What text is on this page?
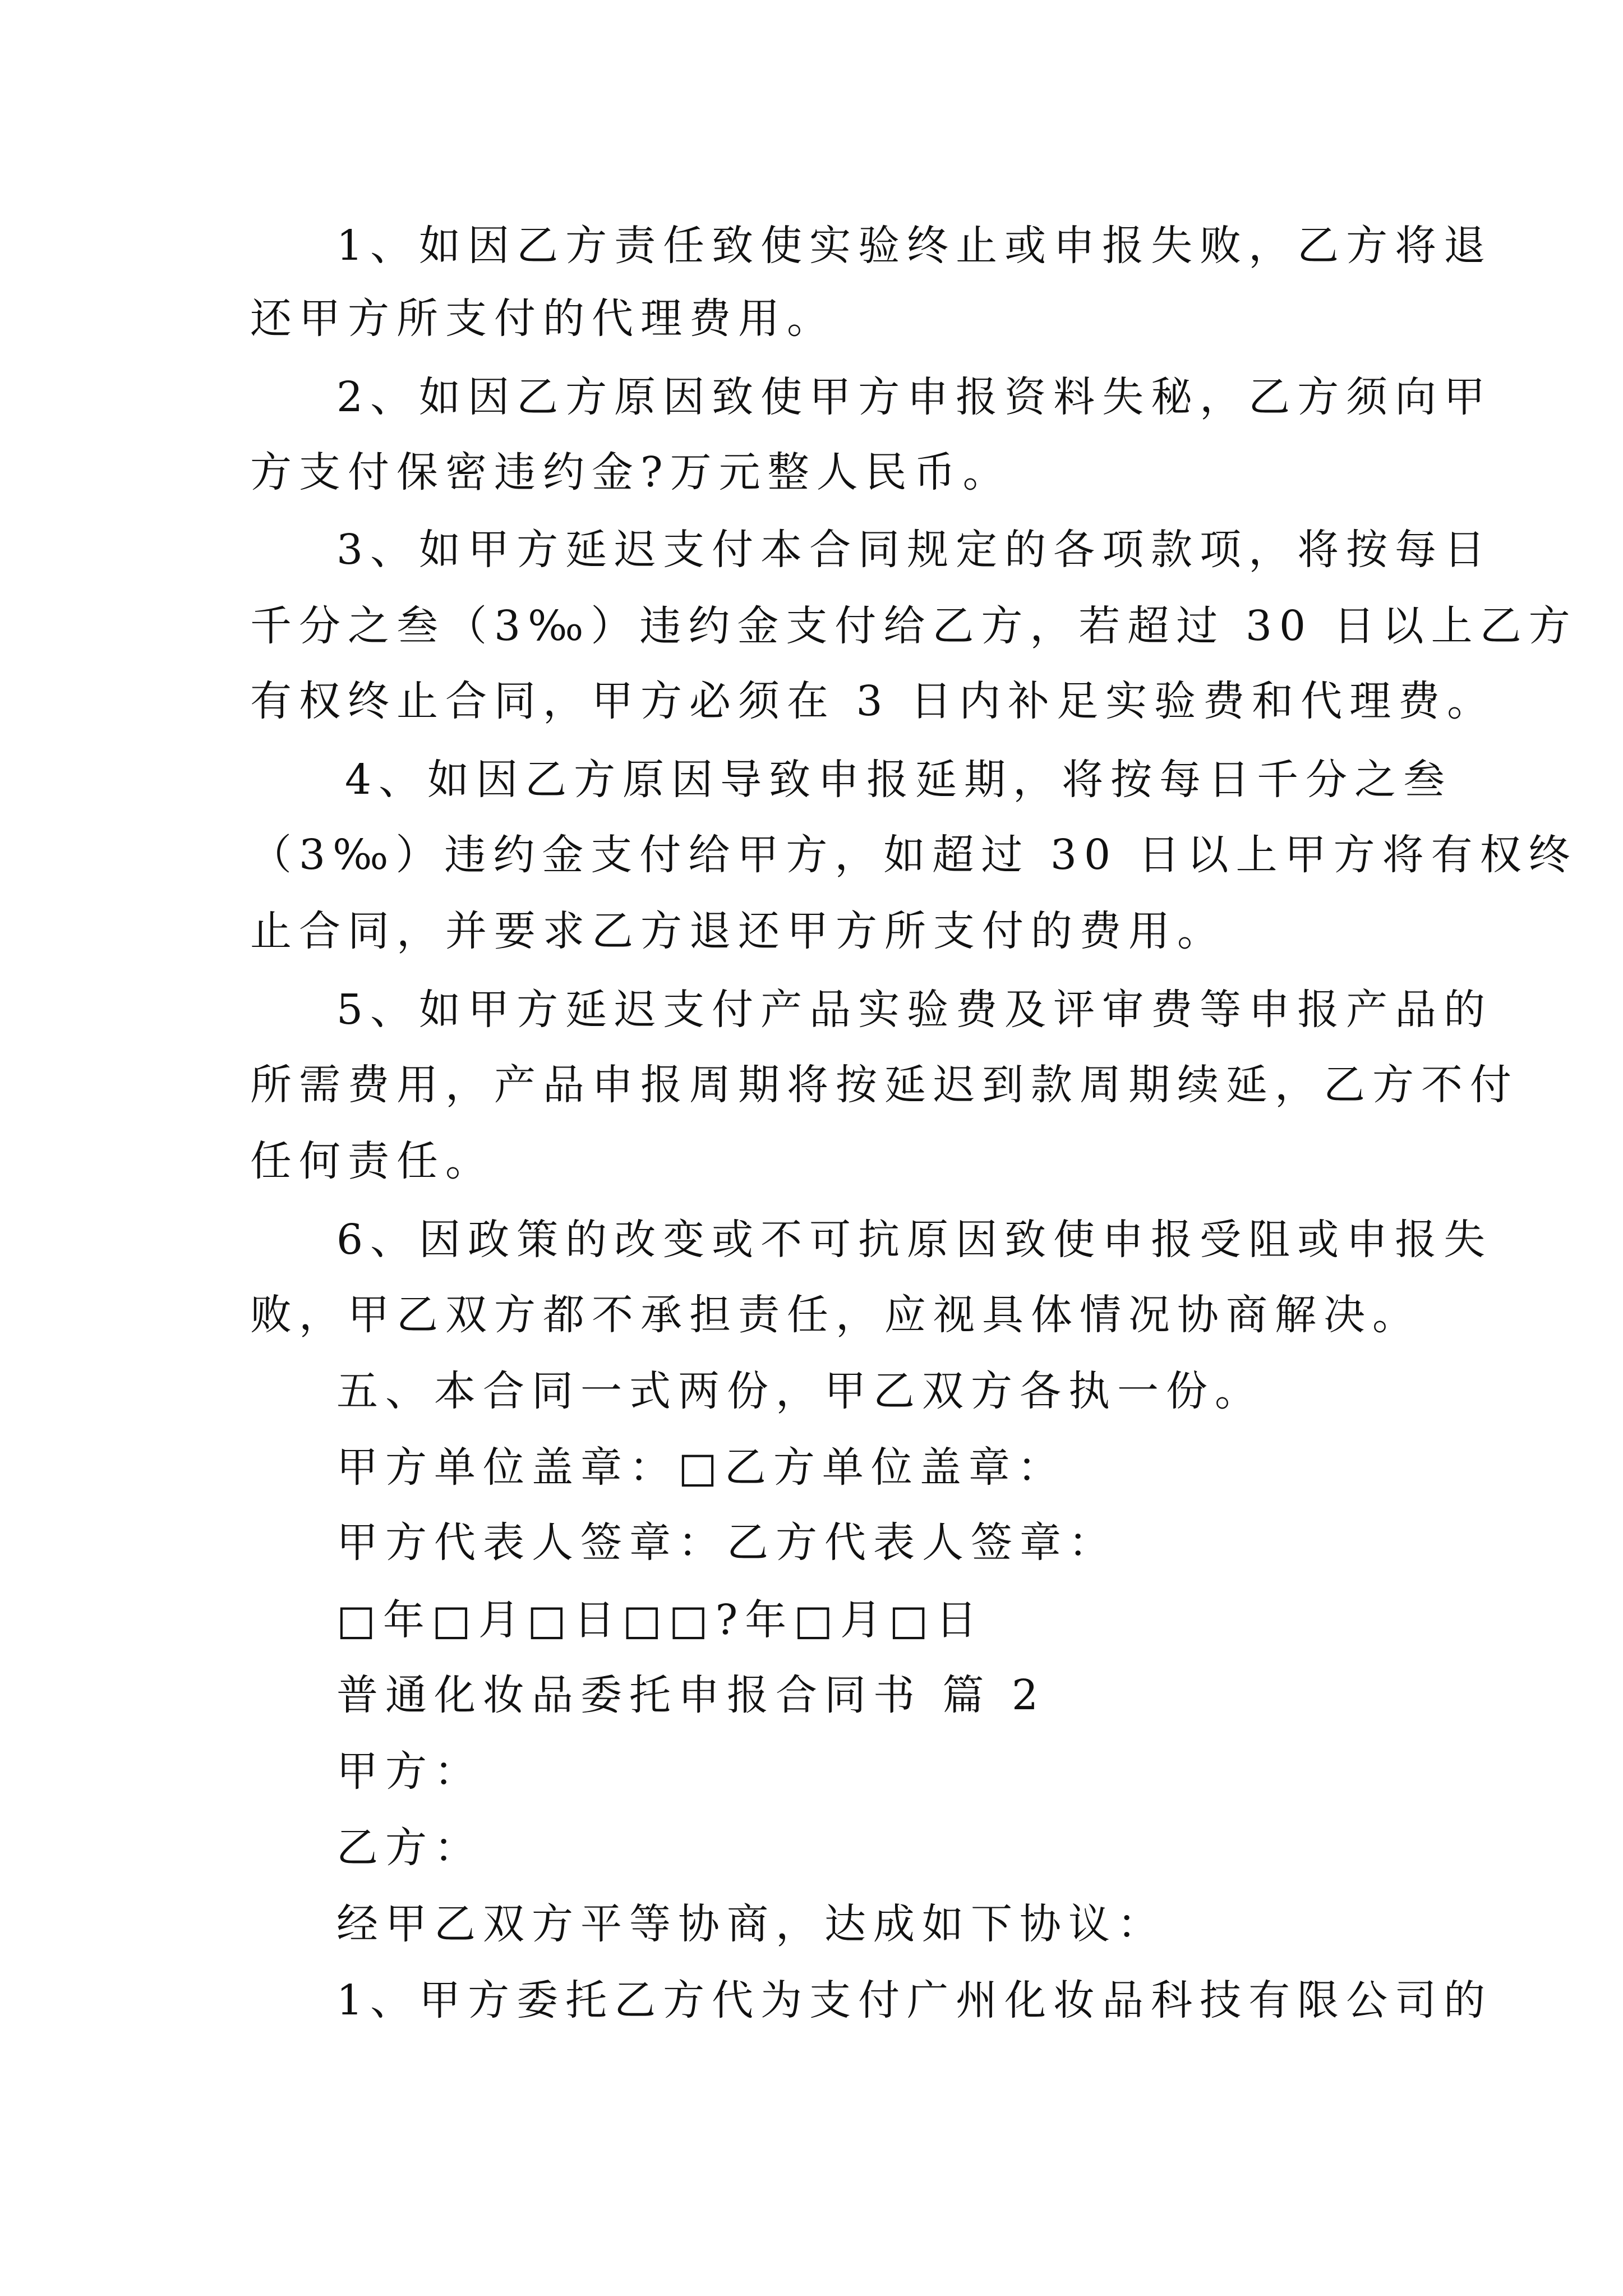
1、如因乙方责任致使实验终止或申报失败，乙方将退
还甲方所支付的代理费用。
2、如因乙方原因致使甲方申报资料失秘，乙方须向甲
方支付保密违约金?万元整人民币。
3、如甲方延迟支付本合同规定的各项款项，将按每日
千分之叁（3‰）违约金支付给乙方，若超过 30 日以上乙方
有权终止合同，甲方必须在 3 日内补足实验费和代理费。
4、如因乙方原因导致申报延期，将按每日千分之叁
（3‰）违约金支付给甲方，如超过 30 日以上甲方将有权终
止合同，并要求乙方退还甲方所支付的费用。
5、如甲方延迟支付产品实验费及评审费等申报产品的
所需费用，产品申报周期将按延迟到款周期续延，乙方不付
任何责任。
6、因政策的改变或不可抗原因致使申报受阻或申报失
败，甲乙双方都不承担责任，应视具体情况协商解决。
五、本合同一式两份，甲乙双方各执一份。
甲方单位盖章：□乙方单位盖章：
甲方代表人签章：乙方代表人签章：
□年□月□日□□?年□月□日
普通化妆品委托申报合同书 篇 2
甲方：
乙方：
经甲乙双方平等协商，达成如下协议：
1、甲方委托乙方代为支付广州化妆品科技有限公司的
